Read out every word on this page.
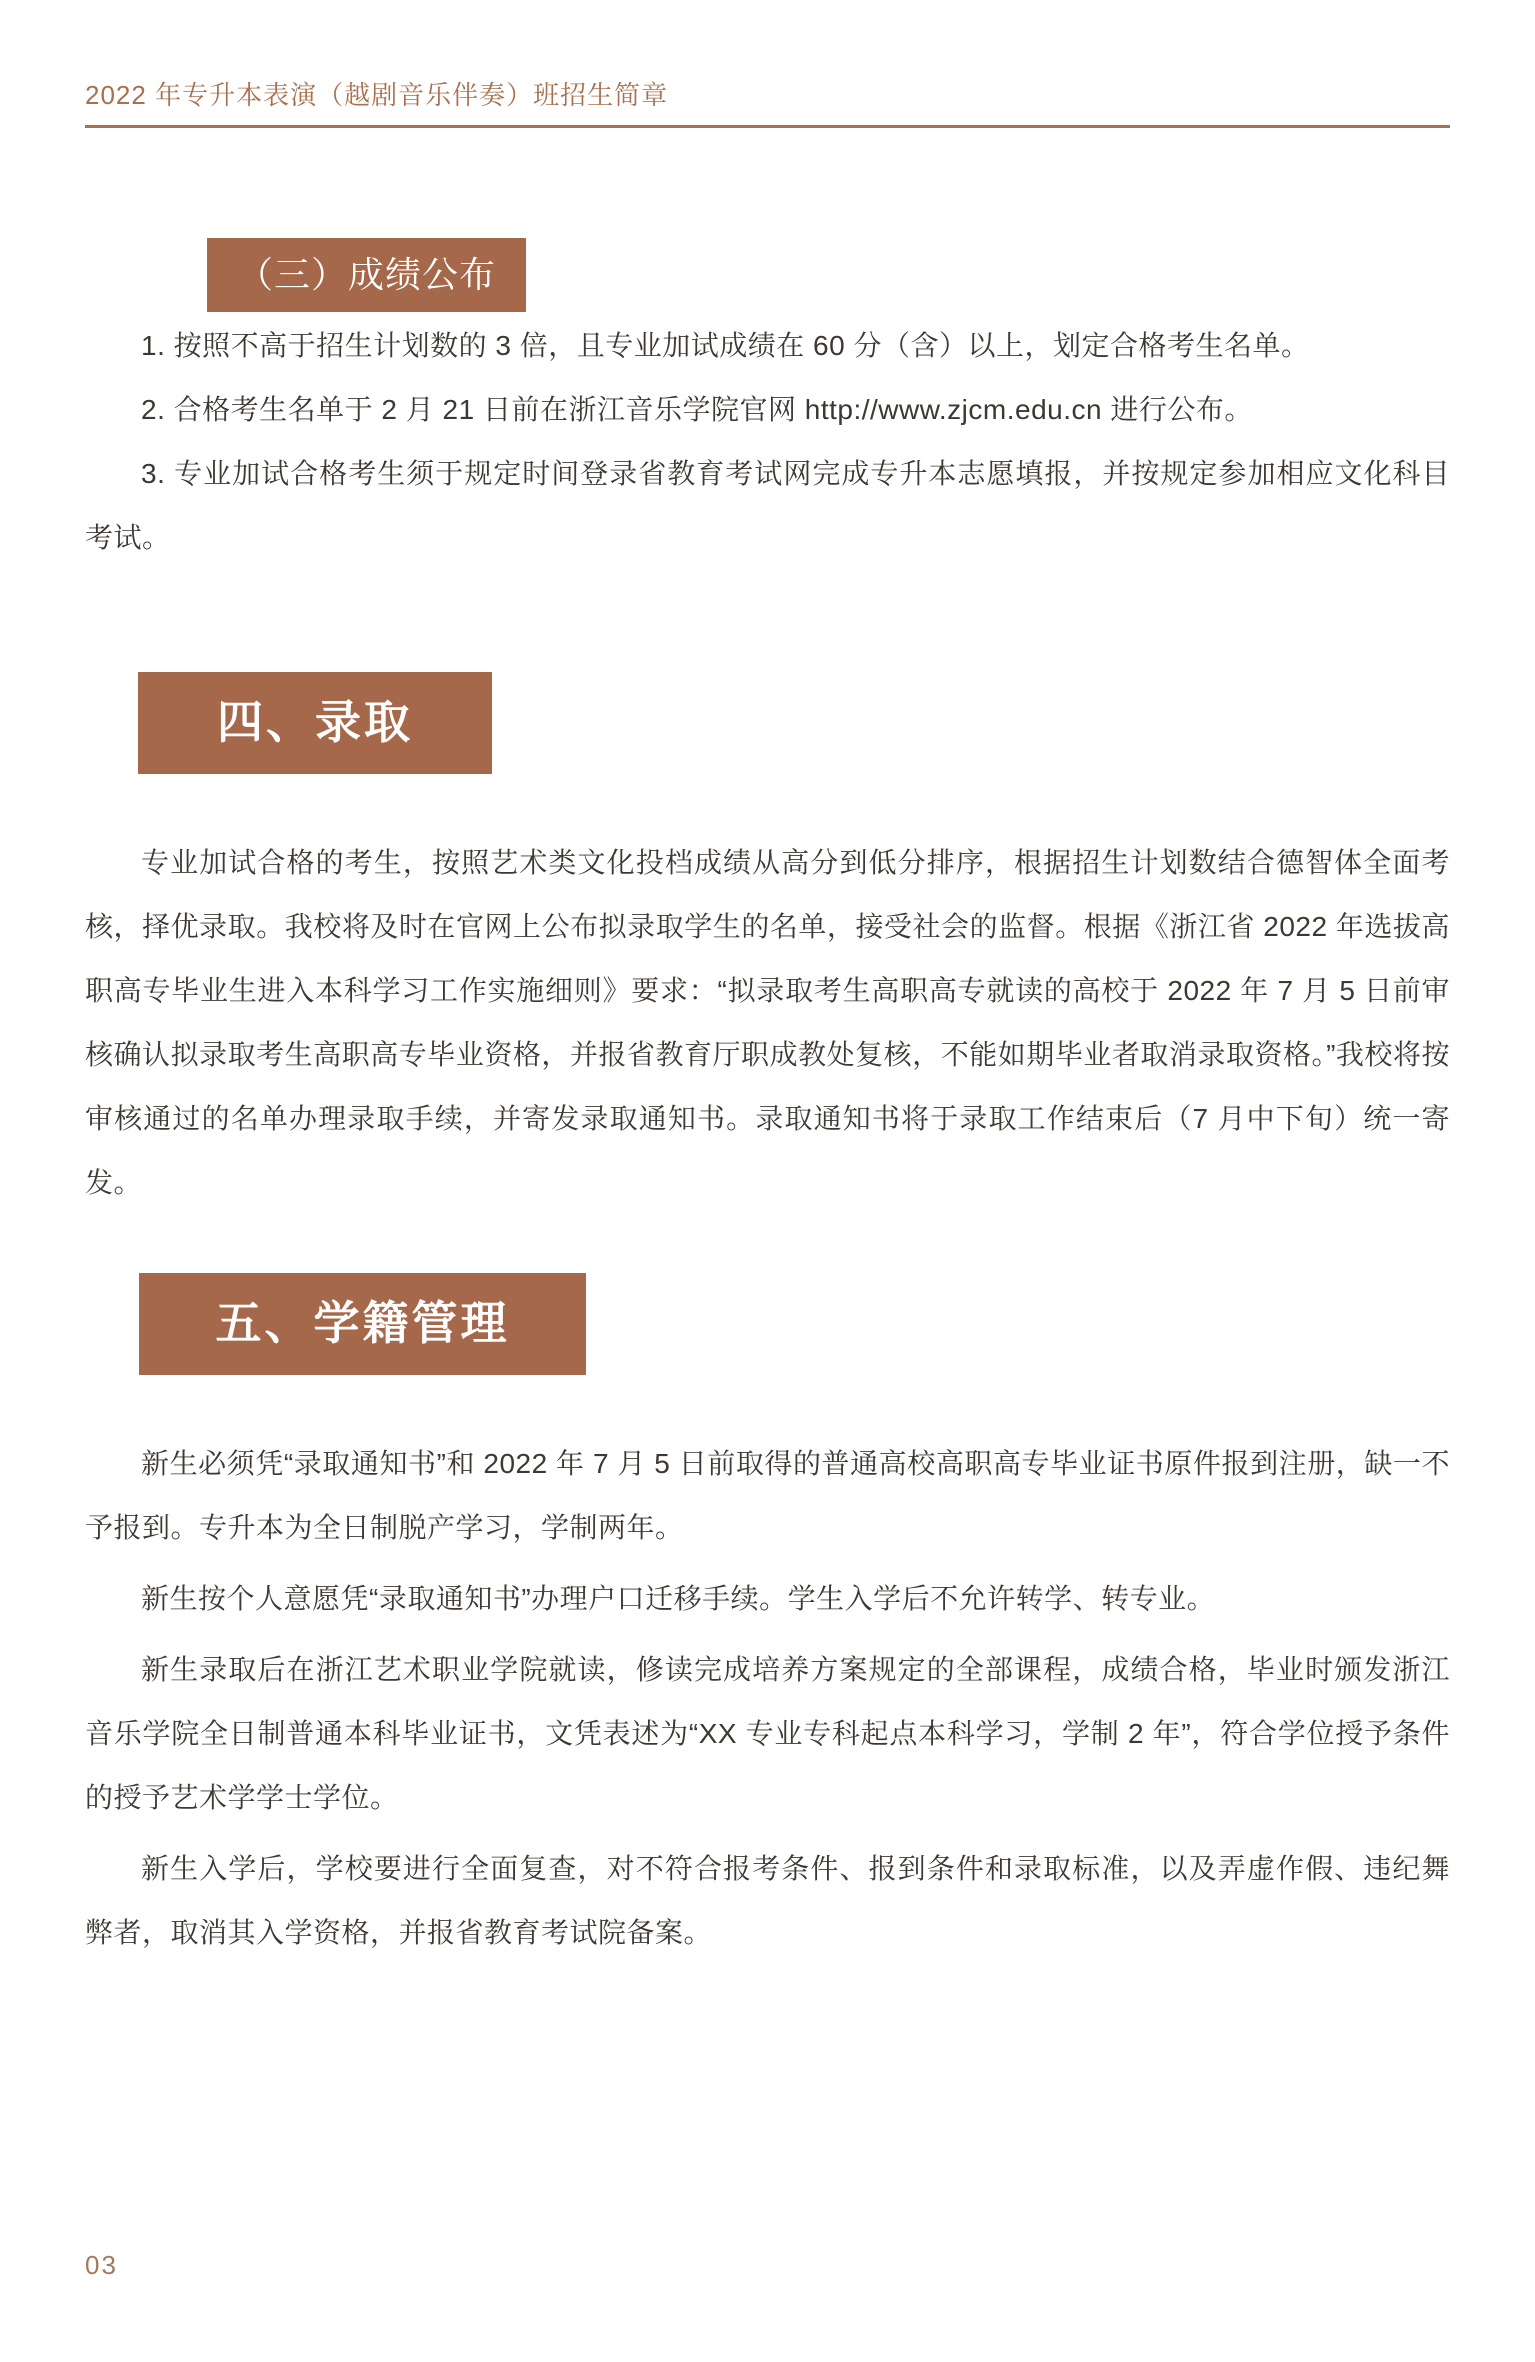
2022 年专升本表演（越剧音乐伴奏）班招生简章
（三）成绩公布

1. 按照不高于招生计划数的 3 倍，且专业加试成绩在 60 分（含）以上，划定合格考生名单。

2. 合格考生名单于 2 月 21 日前在浙江音乐学院官网 http://www.zjcm.edu.cn 进行公布。

3. 专业加试合格考生须于规定时间登录省教育考试网完成专升本志愿填报，并按规定参加相应文化科目考试。

四、录取

专业加试合格的考生，按照艺术类文化投档成绩从高分到低分排序，根据招生计划数结合德智体全面考核，择优录取。我校将及时在官网上公布拟录取学生的名单，接受社会的监督。根据《浙江省 2022 年选拔高职高专毕业生进入本科学习工作实施细则》要求：“拟录取考生高职高专就读的高校于 2022 年 7 月 5 日前审核确认拟录取考生高职高专毕业资格，并报省教育厅职成教处复核，不能如期毕业者取消录取资格。”我校将按审核通过的名单办理录取手续，并寄发录取通知书。录取通知书将于录取工作结束后（7 月中下旬）统一寄发。

五、学籍管理

新生必须凭“录取通知书”和 2022 年 7 月 5 日前取得的普通高校高职高专毕业证书原件报到注册，缺一不予报到。专升本为全日制脱产学习，学制两年。

新生按个人意愿凭“录取通知书”办理户口迁移手续。学生入学后不允许转学、转专业。

新生录取后在浙江艺术职业学院就读，修读完成培养方案规定的全部课程，成绩合格，毕业时颁发浙江音乐学院全日制普通本科毕业证书，文凭表述为“XX 专业专科起点本科学习，学制 2 年”，符合学位授予条件的授予艺术学学士学位。

新生入学后，学校要进行全面复查，对不符合报考条件、报到条件和录取标准，以及弄虚作假、违纪舞弊者，取消其入学资格，并报省教育考试院备案。

03
